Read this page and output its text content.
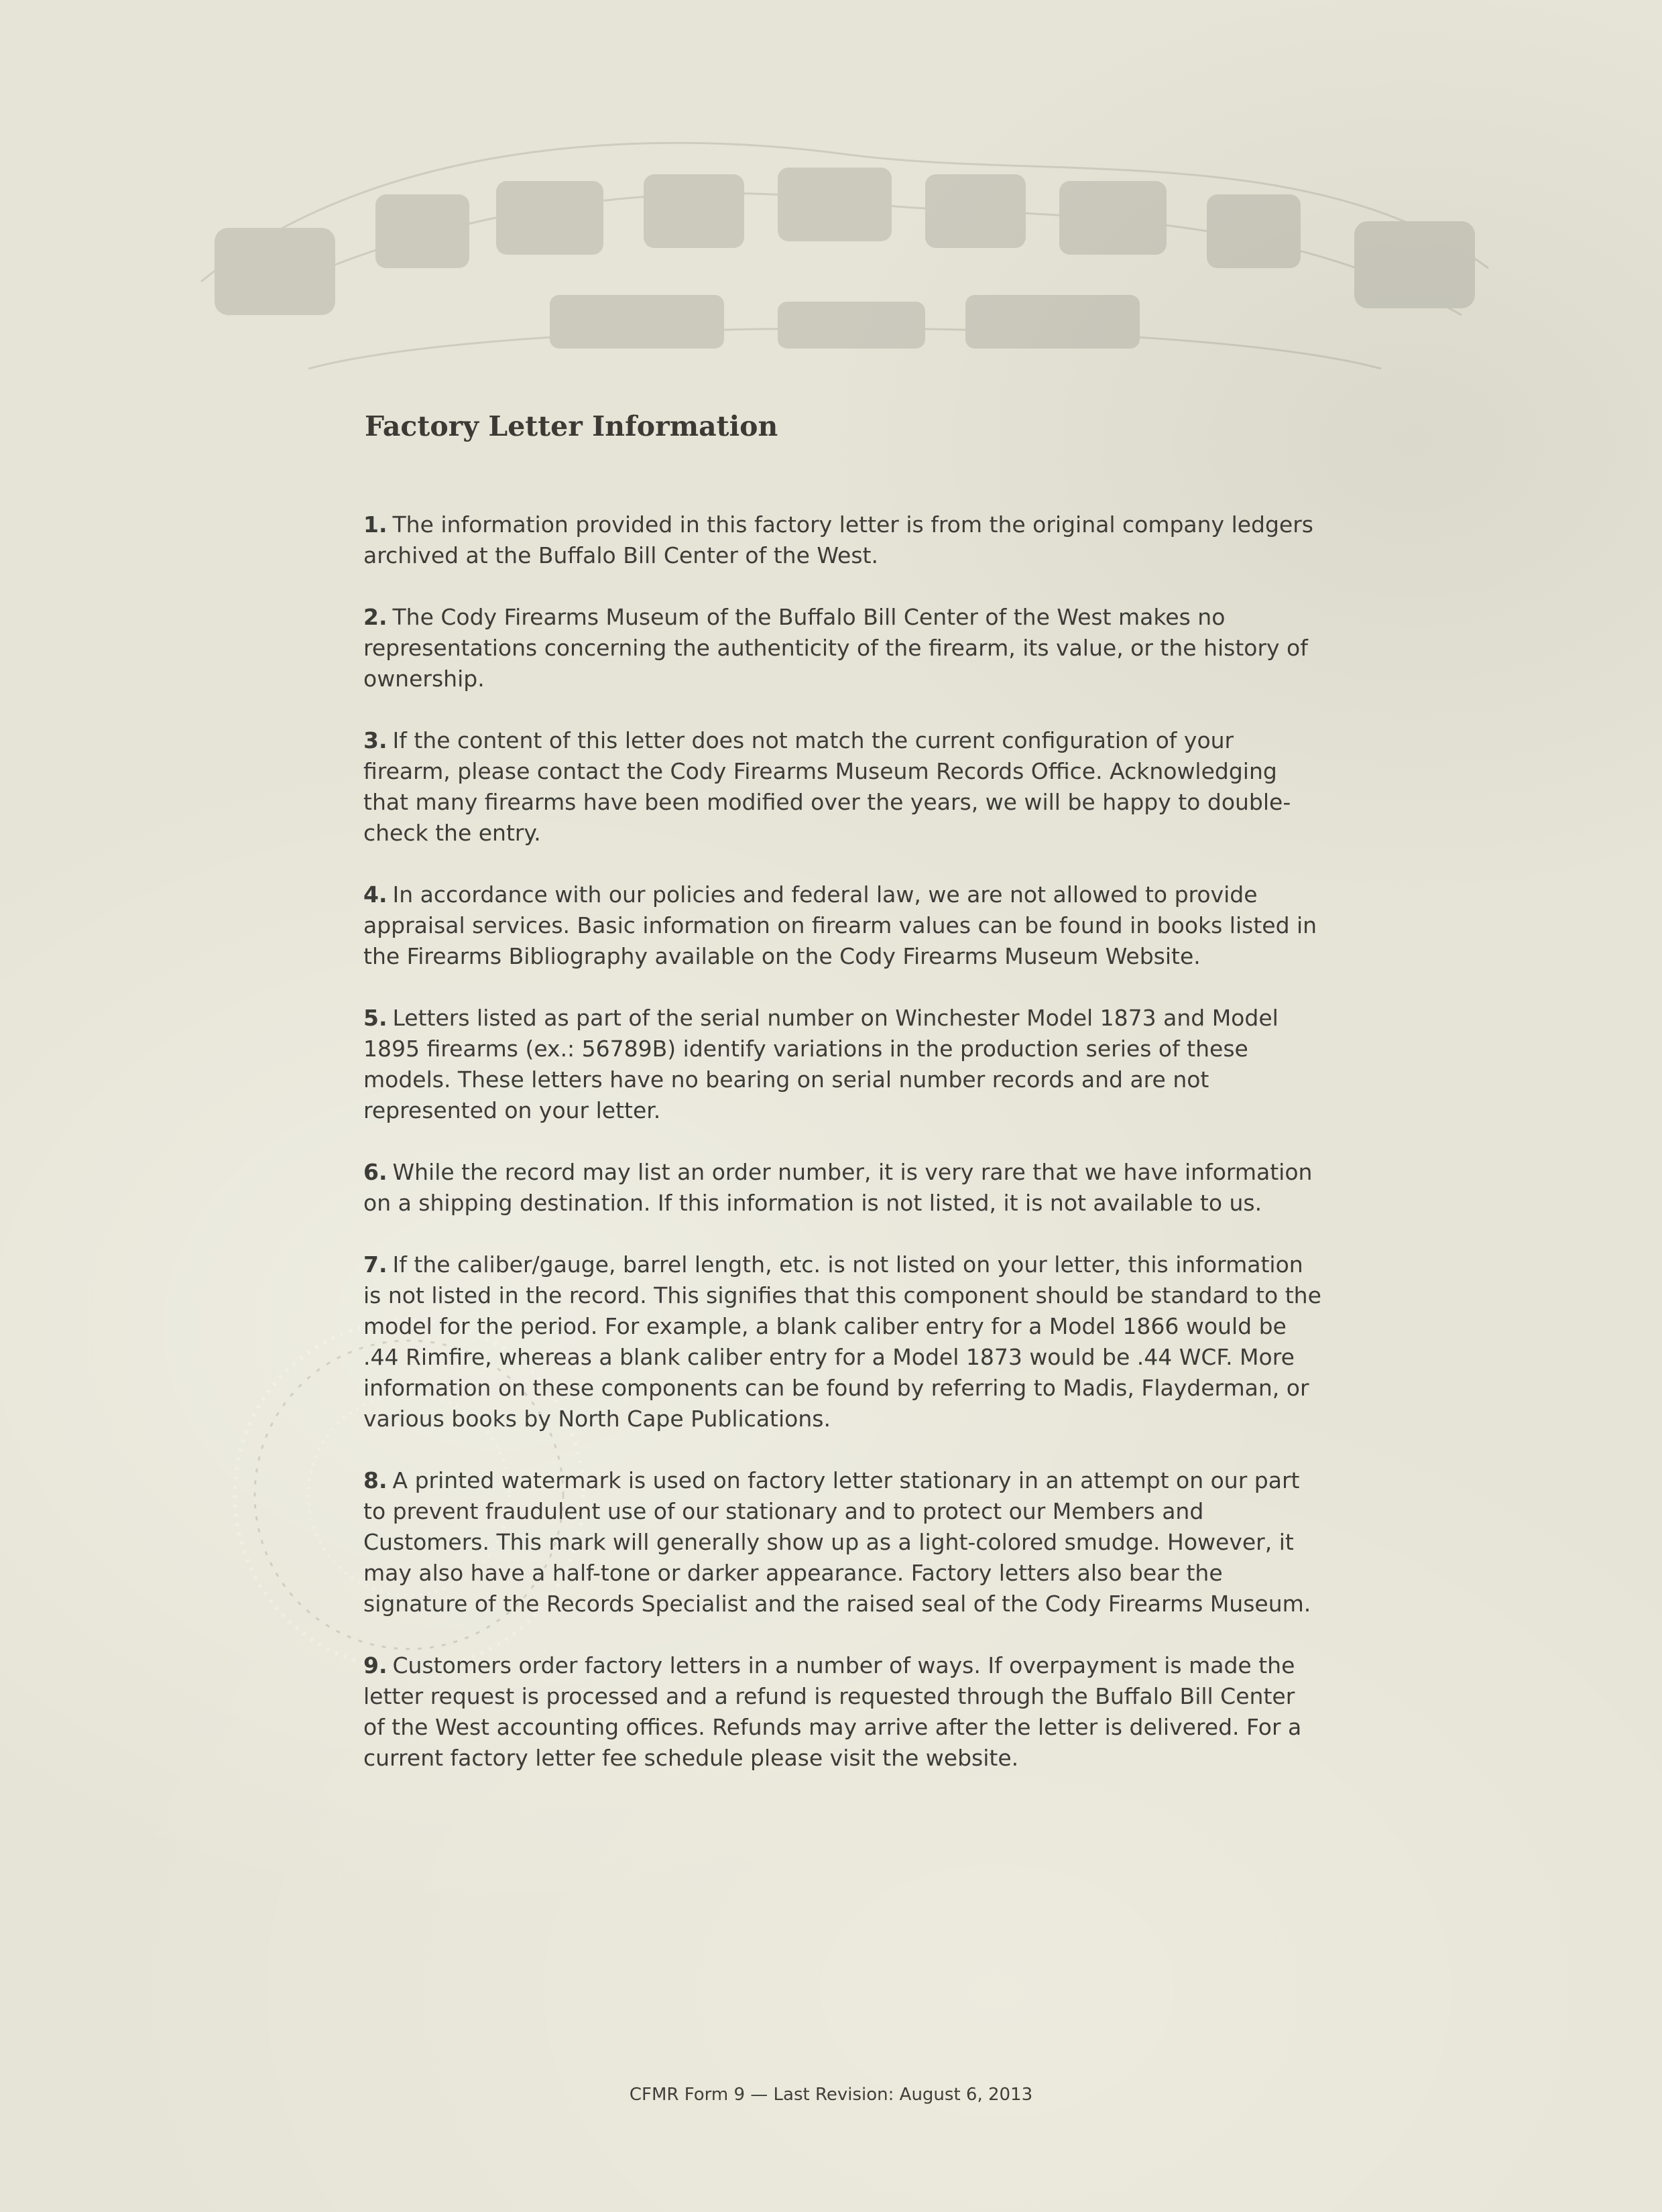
Factory Letter Information
1. The information provided in this factory letter is from the original company ledgers archived at the Buffalo Bill Center of the West.
2. The Cody Firearms Museum of the Buffalo Bill Center of the West makes no representations concerning the authenticity of the firearm, its value, or the history of ownership.
3. If the content of this letter does not match the current configuration of your firearm, please contact the Cody Firearms Museum Records Office. Acknowledging that many firearms have been modified over the years, we will be happy to double-check the entry.
4. In accordance with our policies and federal law, we are not allowed to provide appraisal services. Basic information on firearm values can be found in books listed in the Firearms Bibliography available on the Cody Firearms Museum Website.
5. Letters listed as part of the serial number on Winchester Model 1873 and Model 1895 firearms (ex.: 56789B) identify variations in the production series of these models. These letters have no bearing on serial number records and are not represented on your letter.
6. While the record may list an order number, it is very rare that we have information on a shipping destination. If this information is not listed, it is not available to us.
7. If the caliber/gauge, barrel length, etc. is not listed on your letter, this information is not listed in the record. This signifies that this component should be standard to the model for the period. For example, a blank caliber entry for a Model 1866 would be .44 Rimfire, whereas a blank caliber entry for a Model 1873 would be .44 WCF. More information on these components can be found by referring to Madis, Flayderman, or various books by North Cape Publications.
8. A printed watermark is used on factory letter stationary in an attempt on our part to prevent fraudulent use of our stationary and to protect our Members and Customers. This mark will generally show up as a light-colored smudge. However, it may also have a half-tone or darker appearance. Factory letters also bear the signature of the Records Specialist and the raised seal of the Cody Firearms Museum.
9. Customers order factory letters in a number of ways. If overpayment is made the letter request is processed and a refund is requested through the Buffalo Bill Center of the West accounting offices. Refunds may arrive after the letter is delivered. For a current factory letter fee schedule please visit the website.
CFMR Form 9 — Last Revision: August 6, 2013
